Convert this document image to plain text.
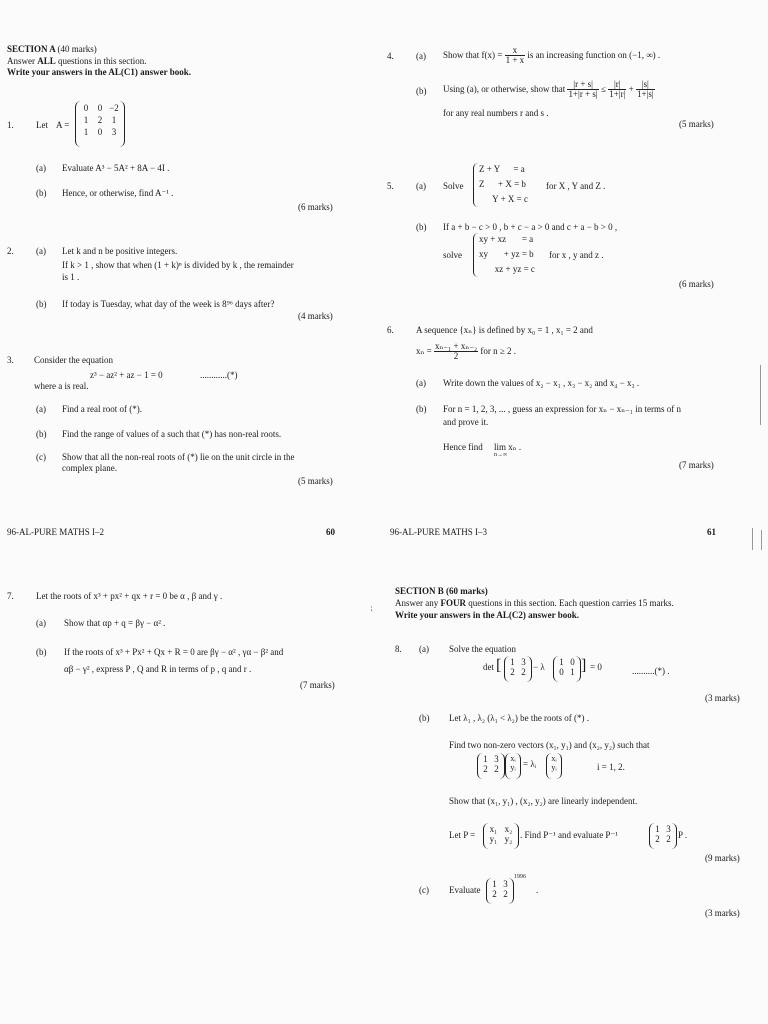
SECTION A (40 marks)
Answer ALL questions in this section.
Write your answers in the AL(C1) answer book.
1. Let A =
0	0 −2
1	2	1
1	0	3
(a) Evaluate A³ − 5A² + 8A − 4I .
(b) Hence, or otherwise, find A⁻¹ .
(6 marks)
2. (a) Let k and n be positive integers.
If k > 1 , show that when (1 + k)ⁿ is divided by k , the remainder
is 1 .
(b) If today is Tuesday, what day of the week is 8⁹⁶ days after?
(4 marks)
3. Consider the equation
z³ − az² + az − 1 = 0	............(*)
where a is real.
(a) Find a real root of (*).
(b) Find the range of values of a such that (*) has non-real roots.
(c) Show that all the non-real roots of (*) lie on the unit circle in the
complex plane.
(5 marks)
96-AL-PURE MATHS I–2	60
4. (a) Show that $f(x) = \frac{x}{1 + x}$ is an increasing function on (−1, ∞) .
(b) Using (a), or otherwise, show that $\frac{|r + s|}{1+|r + s|} \le \frac{|r|}{1+|r|} + \frac{|s|}{1+|s|}$
for any real numbers r and s .
(5 marks)
5. (a) Solve
Z + Y      = a
Z      + X = b
Y + X = c
for X , Y and Z .
(b) If a + b − c > 0 , b + c − a > 0 and c + a − b > 0 ,
solve
xy + xz       = a
xy       + yz = b
xz + yz = c
for x , y and z .
(6 marks)
6. A sequence {xₙ} is defined by x₀ = 1 , x₁ = 2 and
$x_n = \frac{\text{xₙ₋₁ + xₙ₋₂}}{2}$ for n ≥ 2 .
(a) Write down the values of x₂ − x₁ , x₃ − x₂ and x₄ − x₃ .
(b) For n = 1, 2, 3, ... , guess an expression for xₙ − xₙ₋₁ in terms of n
and prove it.
Hence find lim xₙ .
n→∞
(7 marks)
96-AL-PURE MATHS I–3	61
7. Let the roots of x³ + px² + qx + r = 0 be α , β and γ .
(a) Show that αp + q = βγ − α² .
(b) If the roots of x³ + Px² + Qx + R = 0 are βγ − α² , γα − β² and
αβ − γ² , express P , Q and R in terms of p , q and r .
(7 marks)
SECTION B (60 marks)
Answer any FOUR questions in this section. Each question carries 15 marks.
Write your answers in the AL(C2) answer book.
8. (a) Solve the equation
det [ 1 3
2 2 − λ	1 0
0 1 ] = 0	..........(*) .
(3 marks)
(b) Let λ₁ , λ₂ (λ₁ < λ₂) be the roots of (*) .
Find two non-zero vectors (x₁, y₁) and (x₂, y₂) such that
1 3
2 2
xᵢ
yᵢ = λᵢ
xᵢ
yᵢ	i = 1, 2.
Show that (x₁, y₁) , (x₂, y₂) are linearly independent.
Let P =
x₁ x₂
y₁ y₂ . Find P⁻¹ and evaluate P⁻¹
1 3
2 2 P .
(9 marks)
(c) Evaluate
1 3
2 2
1996
.
(3 marks)
⁏
